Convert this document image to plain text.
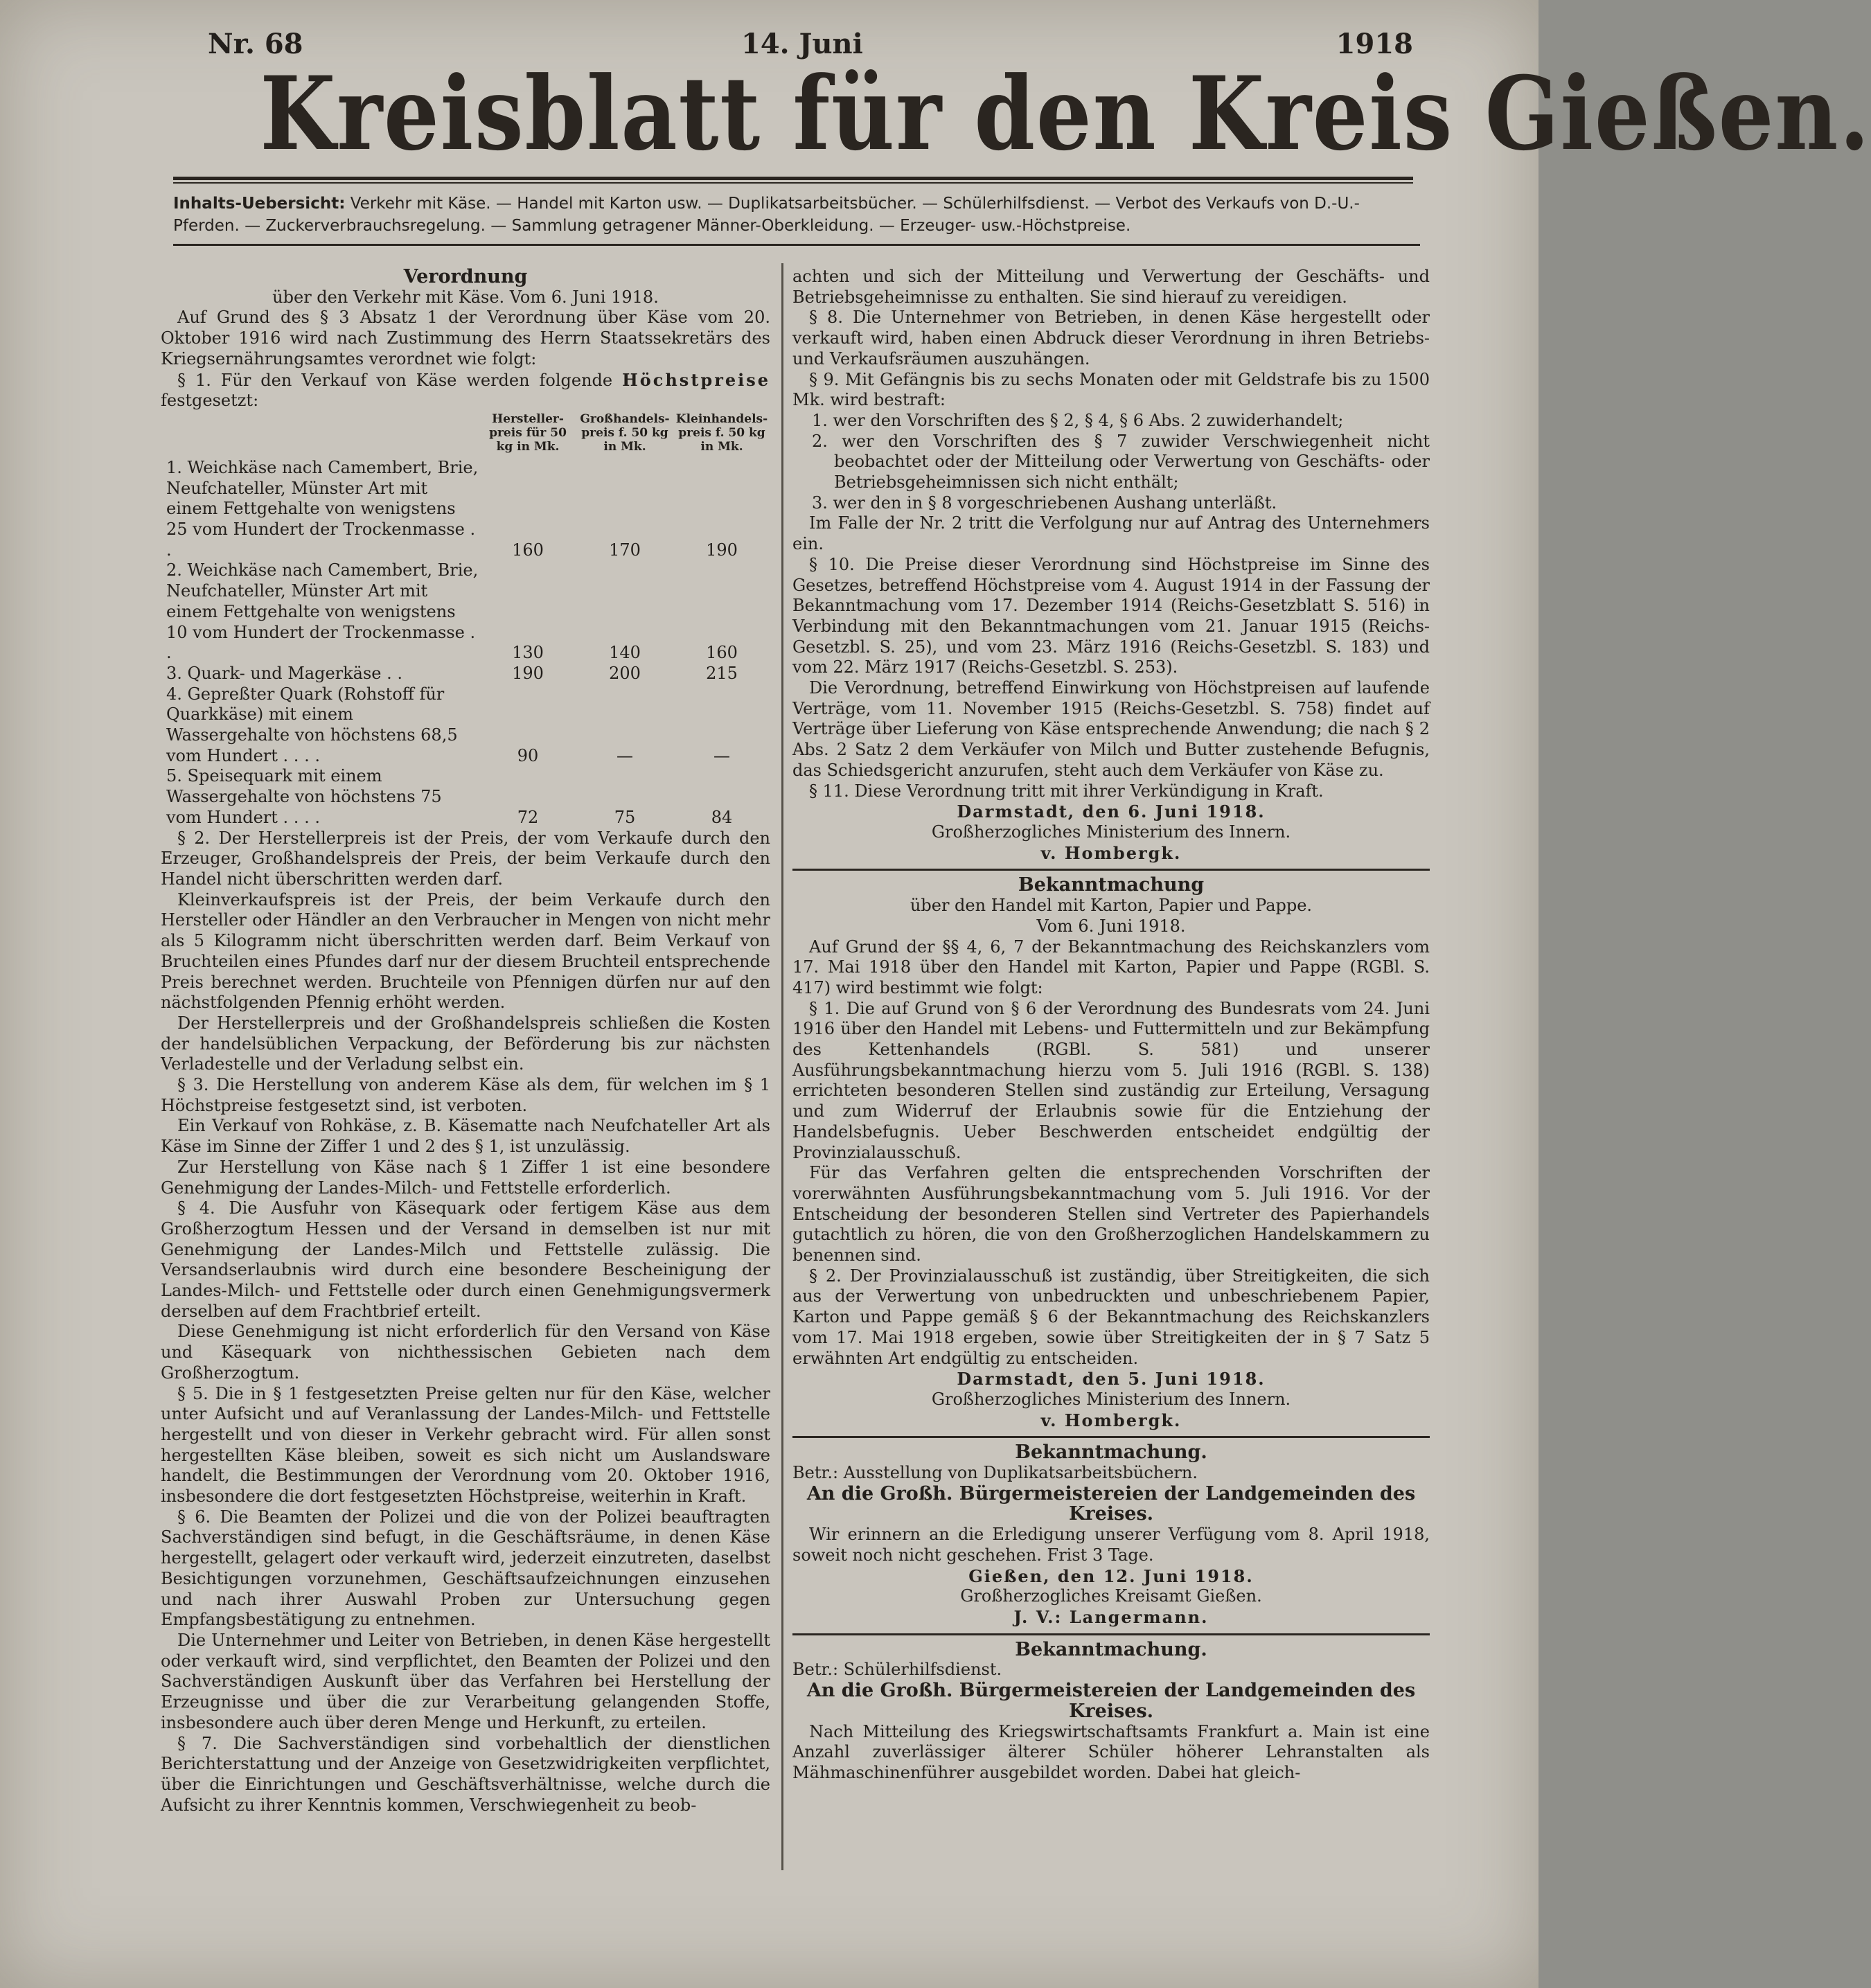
Nr. 68	14. Juni	1918
Kreisblatt für den Kreis Gießen.
Inhalts-Uebersicht: Verkehr mit Käse. — Handel mit Karton usw. — Duplikatsarbeitsbücher. — Schülerhilfsdienst. — Verbot des Verkaufs von D.-U.-Pferden. — Zuckerverbrauchsregelung. — Sammlung getragener Männer-Oberkleidung. — Erzeuger- usw.-Höchstpreise.

Verordnung

über den Verkehr mit Käse. Vom 6. Juni 1918.

Auf Grund des § 3 Absatz 1 der Verordnung über Käse vom 20. Oktober 1916 wird nach Zustimmung des Herrn Staatssekretärs des Kriegsernährungsamtes verordnet wie folgt:

§ 1. Für den Verkauf von Käse werden folgende Höchstpreise festgesetzt:

	Hersteller-preis für 50 kg in Mk.	Großhandels-preis f. 50 kg in Mk.	Kleinhandels-preis f. 50 kg in Mk.
1. Weichkäse nach Camembert, Brie, Neufchateller, Münster Art mit einem Fettgehalte von wenigstens 25 vom Hundert der Trockenmasse . .	160	170	190
2. Weichkäse nach Camembert, Brie, Neufchateller, Münster Art mit einem Fettgehalte von wenigstens 10 vom Hundert der Trockenmasse . .	130	140	160
3. Quark- und Magerkäse . .	190	200	215
4. Gepreßter Quark (Rohstoff für Quarkkäse) mit einem Wassergehalte von höchstens 68,5 vom Hundert . . . .	90	—	—
5. Speisequark mit einem Wassergehalte von höchstens 75 vom Hundert . . . .	72	75	84

§ 2. Der Herstellerpreis ist der Preis, der vom Verkaufe durch den Erzeuger, Großhandelspreis der Preis, der beim Verkaufe durch den Handel nicht überschritten werden darf.

Kleinverkaufspreis ist der Preis, der beim Verkaufe durch den Hersteller oder Händler an den Verbraucher in Mengen von nicht mehr als 5 Kilogramm nicht überschritten werden darf. Beim Verkauf von Bruchteilen eines Pfundes darf nur der diesem Bruchteil entsprechende Preis berechnet werden. Bruchteile von Pfennigen dürfen nur auf den nächstfolgenden Pfennig erhöht werden.

Der Herstellerpreis und der Großhandelspreis schließen die Kosten der handelsüblichen Verpackung, der Beförderung bis zur nächsten Verladestelle und der Verladung selbst ein.

§ 3. Die Herstellung von anderem Käse als dem, für welchen im § 1 Höchstpreise festgesetzt sind, ist verboten.

Ein Verkauf von Rohkäse, z. B. Käsematte nach Neufchateller Art als Käse im Sinne der Ziffer 1 und 2 des § 1, ist unzulässig.

Zur Herstellung von Käse nach § 1 Ziffer 1 ist eine besondere Genehmigung der Landes-Milch- und Fettstelle erforderlich.

§ 4. Die Ausfuhr von Käsequark oder fertigem Käse aus dem Großherzogtum Hessen und der Versand in demselben ist nur mit Genehmigung der Landes-Milch und Fettstelle zulässig. Die Versandserlaubnis wird durch eine besondere Bescheinigung der Landes-Milch- und Fettstelle oder durch einen Genehmigungsvermerk derselben auf dem Frachtbrief erteilt.

Diese Genehmigung ist nicht erforderlich für den Versand von Käse und Käsequark von nichthessischen Gebieten nach dem Großherzogtum.

§ 5. Die in § 1 festgesetzten Preise gelten nur für den Käse, welcher unter Aufsicht und auf Veranlassung der Landes-Milch- und Fettstelle hergestellt und von dieser in Verkehr gebracht wird. Für allen sonst hergestellten Käse bleiben, soweit es sich nicht um Auslandsware handelt, die Bestimmungen der Verordnung vom 20. Oktober 1916, insbesondere die dort festgesetzten Höchstpreise, weiterhin in Kraft.

§ 6. Die Beamten der Polizei und die von der Polizei beauftragten Sachverständigen sind befugt, in die Geschäftsräume, in denen Käse hergestellt, gelagert oder verkauft wird, jederzeit einzutreten, daselbst Besichtigungen vorzunehmen, Geschäftsaufzeichnungen einzusehen und nach ihrer Auswahl Proben zur Untersuchung gegen Empfangsbestätigung zu entnehmen.

Die Unternehmer und Leiter von Betrieben, in denen Käse hergestellt oder verkauft wird, sind verpflichtet, den Beamten der Polizei und den Sachverständigen Auskunft über das Verfahren bei Herstellung der Erzeugnisse und über die zur Verarbeitung gelangenden Stoffe, insbesondere auch über deren Menge und Herkunft, zu erteilen.

§ 7. Die Sachverständigen sind vorbehaltlich der dienstlichen Berichterstattung und der Anzeige von Gesetzwidrigkeiten verpflichtet, über die Einrichtungen und Geschäftsverhältnisse, welche durch die Aufsicht zu ihrer Kenntnis kommen, Verschwiegenheit zu beob-

achten und sich der Mitteilung und Verwertung der Geschäfts- und Betriebsgeheimnisse zu enthalten. Sie sind hierauf zu vereidigen.

§ 8. Die Unternehmer von Betrieben, in denen Käse hergestellt oder verkauft wird, haben einen Abdruck dieser Verordnung in ihren Betriebs- und Verkaufsräumen auszuhängen.

§ 9. Mit Gefängnis bis zu sechs Monaten oder mit Geldstrafe bis zu 1500 Mk. wird bestraft:

1. wer den Vorschriften des § 2, § 4, § 6 Abs. 2 zuwiderhandelt;

2. wer den Vorschriften des § 7 zuwider Verschwiegenheit nicht beobachtet oder der Mitteilung oder Verwertung von Geschäfts- oder Betriebsgeheimnissen sich nicht enthält;

3. wer den in § 8 vorgeschriebenen Aushang unterläßt.

Im Falle der Nr. 2 tritt die Verfolgung nur auf Antrag des Unternehmers ein.

§ 10. Die Preise dieser Verordnung sind Höchstpreise im Sinne des Gesetzes, betreffend Höchstpreise vom 4. August 1914 in der Fassung der Bekanntmachung vom 17. Dezember 1914 (Reichs-Gesetzblatt S. 516) in Verbindung mit den Bekanntmachungen vom 21. Januar 1915 (Reichs-Gesetzbl. S. 25), und vom 23. März 1916 (Reichs-Gesetzbl. S. 183) und vom 22. März 1917 (Reichs-Gesetzbl. S. 253).

Die Verordnung, betreffend Einwirkung von Höchstpreisen auf laufende Verträge, vom 11. November 1915 (Reichs-Gesetzbl. S. 758) findet auf Verträge über Lieferung von Käse entsprechende Anwendung; die nach § 2 Abs. 2 Satz 2 dem Verkäufer von Milch und Butter zustehende Befugnis, das Schiedsgericht anzurufen, steht auch dem Verkäufer von Käse zu.

§ 11. Diese Verordnung tritt mit ihrer Verkündigung in Kraft.

Darmstadt, den 6. Juni 1918.

Großherzogliches Ministerium des Innern.

v. Hombergk.

Bekanntmachung

über den Handel mit Karton, Papier und Pappe.

Vom 6. Juni 1918.

Auf Grund der §§ 4, 6, 7 der Bekanntmachung des Reichskanzlers vom 17. Mai 1918 über den Handel mit Karton, Papier und Pappe (RGBl. S. 417) wird bestimmt wie folgt:

§ 1. Die auf Grund von § 6 der Verordnung des Bundesrats vom 24. Juni 1916 über den Handel mit Lebens- und Futtermitteln und zur Bekämpfung des Kettenhandels (RGBl. S. 581) und unserer Ausführungsbekanntmachung hierzu vom 5. Juli 1916 (RGBl. S. 138) errichteten besonderen Stellen sind zuständig zur Erteilung, Versagung und zum Widerruf der Erlaubnis sowie für die Entziehung der Handelsbefugnis. Ueber Beschwerden entscheidet endgültig der Provinzialausschuß.

Für das Verfahren gelten die entsprechenden Vorschriften der vorerwähnten Ausführungsbekanntmachung vom 5. Juli 1916. Vor der Entscheidung der besonderen Stellen sind Vertreter des Papierhandels gutachtlich zu hören, die von den Großherzoglichen Handelskammern zu benennen sind.

§ 2. Der Provinzialausschuß ist zuständig, über Streitigkeiten, die sich aus der Verwertung von unbedruckten und unbeschriebenem Papier, Karton und Pappe gemäß § 6 der Bekanntmachung des Reichskanzlers vom 17. Mai 1918 ergeben, sowie über Streitigkeiten der in § 7 Satz 5 erwähnten Art endgültig zu entscheiden.

Darmstadt, den 5. Juni 1918.

Großherzogliches Ministerium des Innern.

v. Hombergk.

Bekanntmachung.

Betr.: Ausstellung von Duplikatsarbeitsbüchern.

An die Großh. Bürgermeistereien der Landgemeinden des Kreises.

Wir erinnern an die Erledigung unserer Verfügung vom 8. April 1918, soweit noch nicht geschehen. Frist 3 Tage.

Gießen, den 12. Juni 1918.

Großherzogliches Kreisamt Gießen.

J. V.: Langermann.

Bekanntmachung.

Betr.: Schülerhilfsdienst.

An die Großh. Bürgermeistereien der Landgemeinden des Kreises.

Nach Mitteilung des Kriegswirtschaftsamts Frankfurt a. Main ist eine Anzahl zuverlässiger älterer Schüler höherer Lehranstalten als Mähmaschinenführer ausgebildet worden. Dabei hat gleich-
